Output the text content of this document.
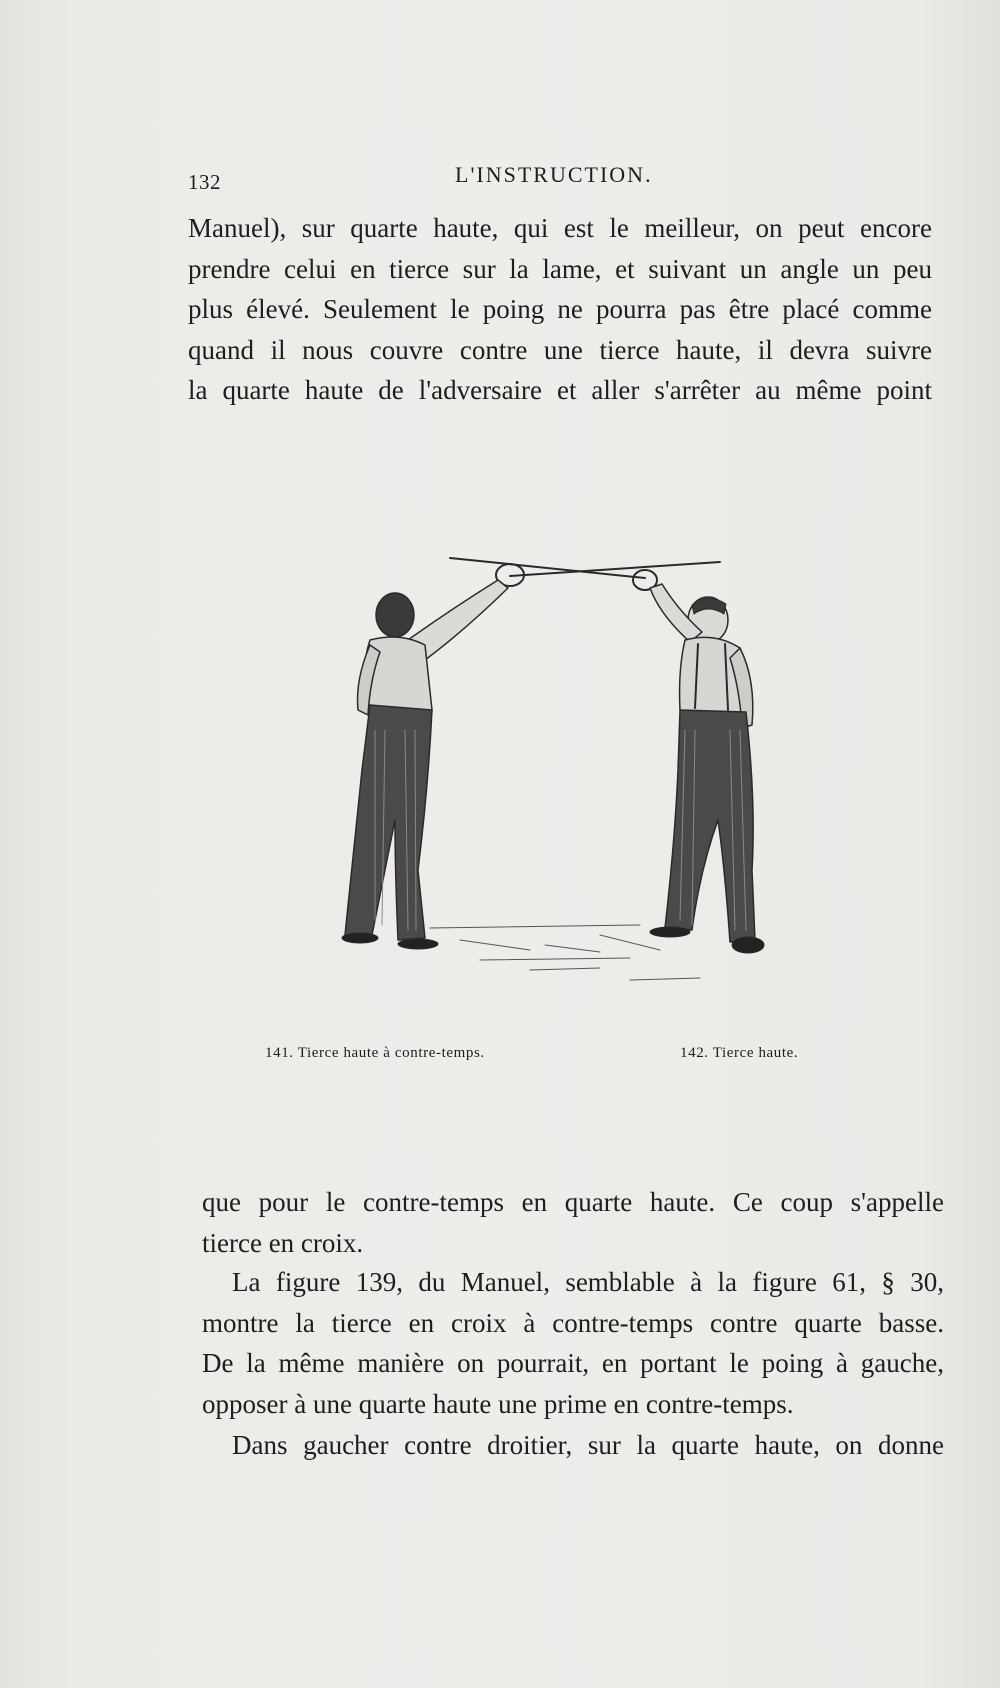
132	L'INSTRUCTION.
Manuel), sur quarte haute, qui est le meilleur, on peut encore
prendre celui en tierce sur la lame, et suivant un angle un peu
plus élevé. Seulement le poing ne pourra pas être placé comme
quand il nous couvre contre une tierce haute, il devra suivre
la quarte haute de l'adversaire et aller s'arrêter au même point
141. Tierce haute à contre-temps.	142. Tierce haute.
que pour le contre-temps en quarte haute. Ce coup s'appelle
tierce en croix.
La figure 139, du Manuel, semblable à la figure 61, § 30,
montre la tierce en croix à contre-temps contre quarte basse.
De la même manière on pourrait, en portant le poing à gauche,
opposer à une quarte haute une prime en contre-temps.
Dans gaucher contre droitier, sur la quarte haute, on donne
